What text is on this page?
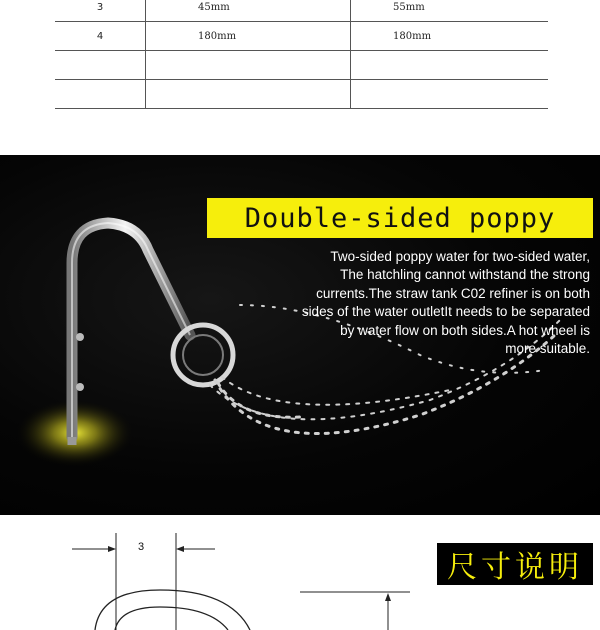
3	45mm	55mm
4	180mm	180mm

Double-sided poppy
Two-sided poppy water for two-sided water,
The hatchling cannot withstand the strong
currents.The straw tank C02 refiner is on both
sides of the water outletIt needs to be separated
by water flow on both sides.A hot wheel is
more suitable.
3
尺寸说明
